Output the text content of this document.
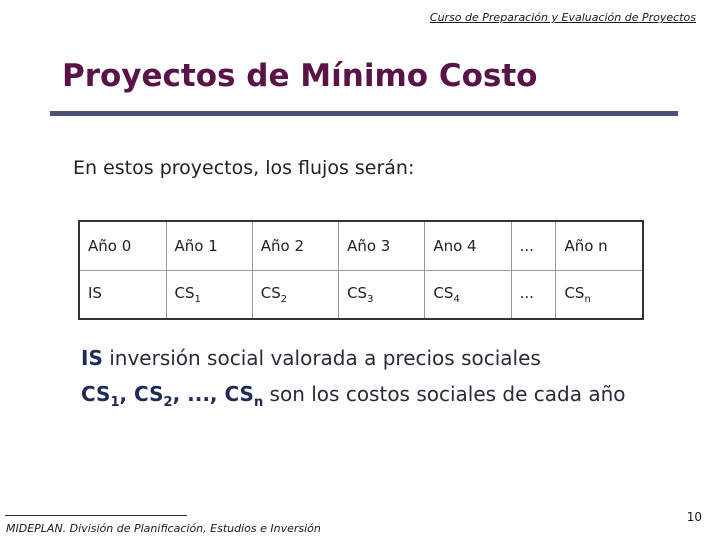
Curso de Preparación y Evaluación de Proyectos
Proyectos de Mínimo Costo
En estos proyectos, los flujos serán:
Año 0	Año 1	Año 2	Año 3	Ano 4	...	Año n
IS	$CS_1$	$CS_2$	$CS_3$	$CS_4$	...	$CS_n$
IS inversión social valorada a precios sociales
$CS_1$, $CS_2$, ..., $CS_n$ son los costos sociales de cada año
MIDEPLAN. División de Planificación, Estudios e Inversión
10
